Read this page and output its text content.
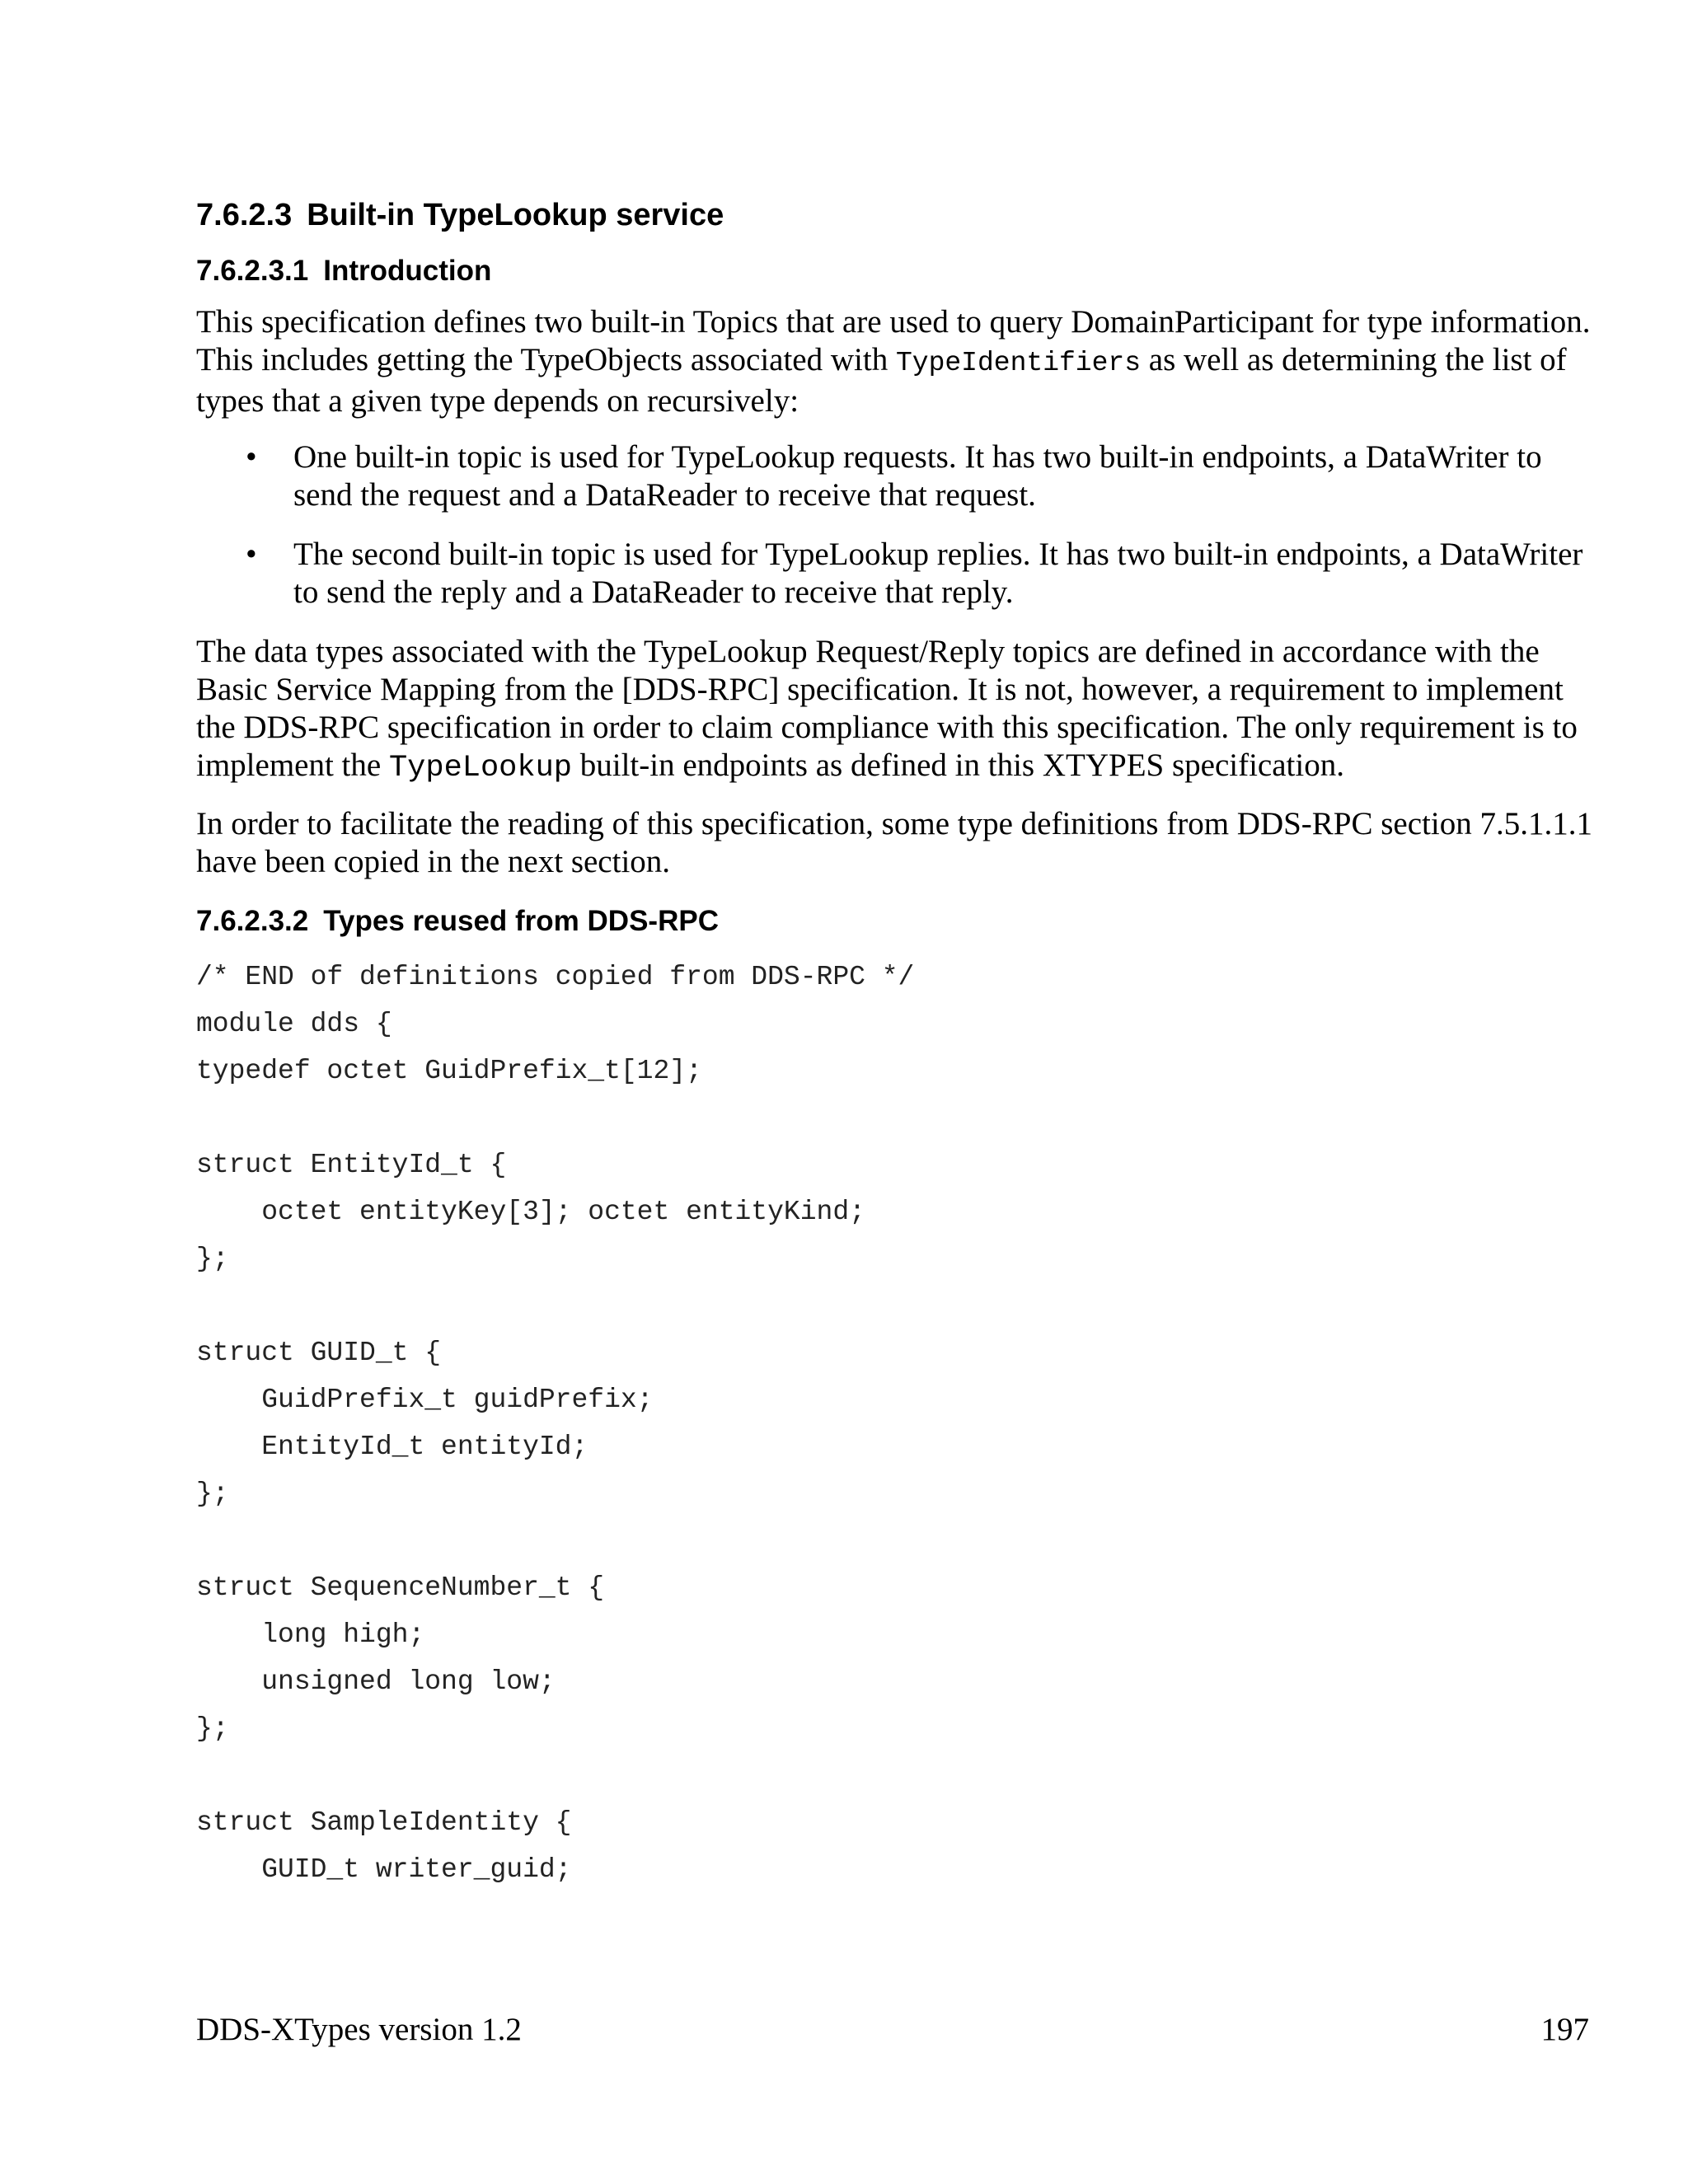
7.6.2.3 Built-in TypeLookup service
7.6.2.3.1 Introduction

This specification defines two built-in Topics that are used to query DomainParticipant for type information. This includes getting the TypeObjects associated with TypeIdentifiers as well as determining the list of types that a given type depends on recursively:

• One built-in topic is used for TypeLookup requests. It has two built-in endpoints, a DataWriter to send the request and a DataReader to receive that request.
• The second built-in topic is used for TypeLookup replies. It has two built-in endpoints, a DataWriter to send the reply and a DataReader to receive that reply.

The data types associated with the TypeLookup Request/Reply topics are defined in accordance with the Basic Service Mapping from the [DDS-RPC] specification. It is not, however, a requirement to implement the DDS-RPC specification in order to claim compliance with this specification. The only requirement is to implement the TypeLookup built-in endpoints as defined in this XTYPES specification.

In order to facilitate the reading of this specification, some type definitions from DDS-RPC section 7.5.1.1.1 have been copied in the next section.

7.6.2.3.2 Types reused from DDS-RPC
/* END of definitions copied from DDS-RPC */
module dds {
typedef octet GuidPrefix_t[12];
struct EntityId_t {
octet entityKey[3]; octet entityKind;
};
struct GUID_t {
GuidPrefix_t guidPrefix;
EntityId_t entityId;
};
struct SequenceNumber_t {
long high;
unsigned long low;
};
struct SampleIdentity {
GUID_t writer_guid;
DDS-XTypes version 1.2	197
